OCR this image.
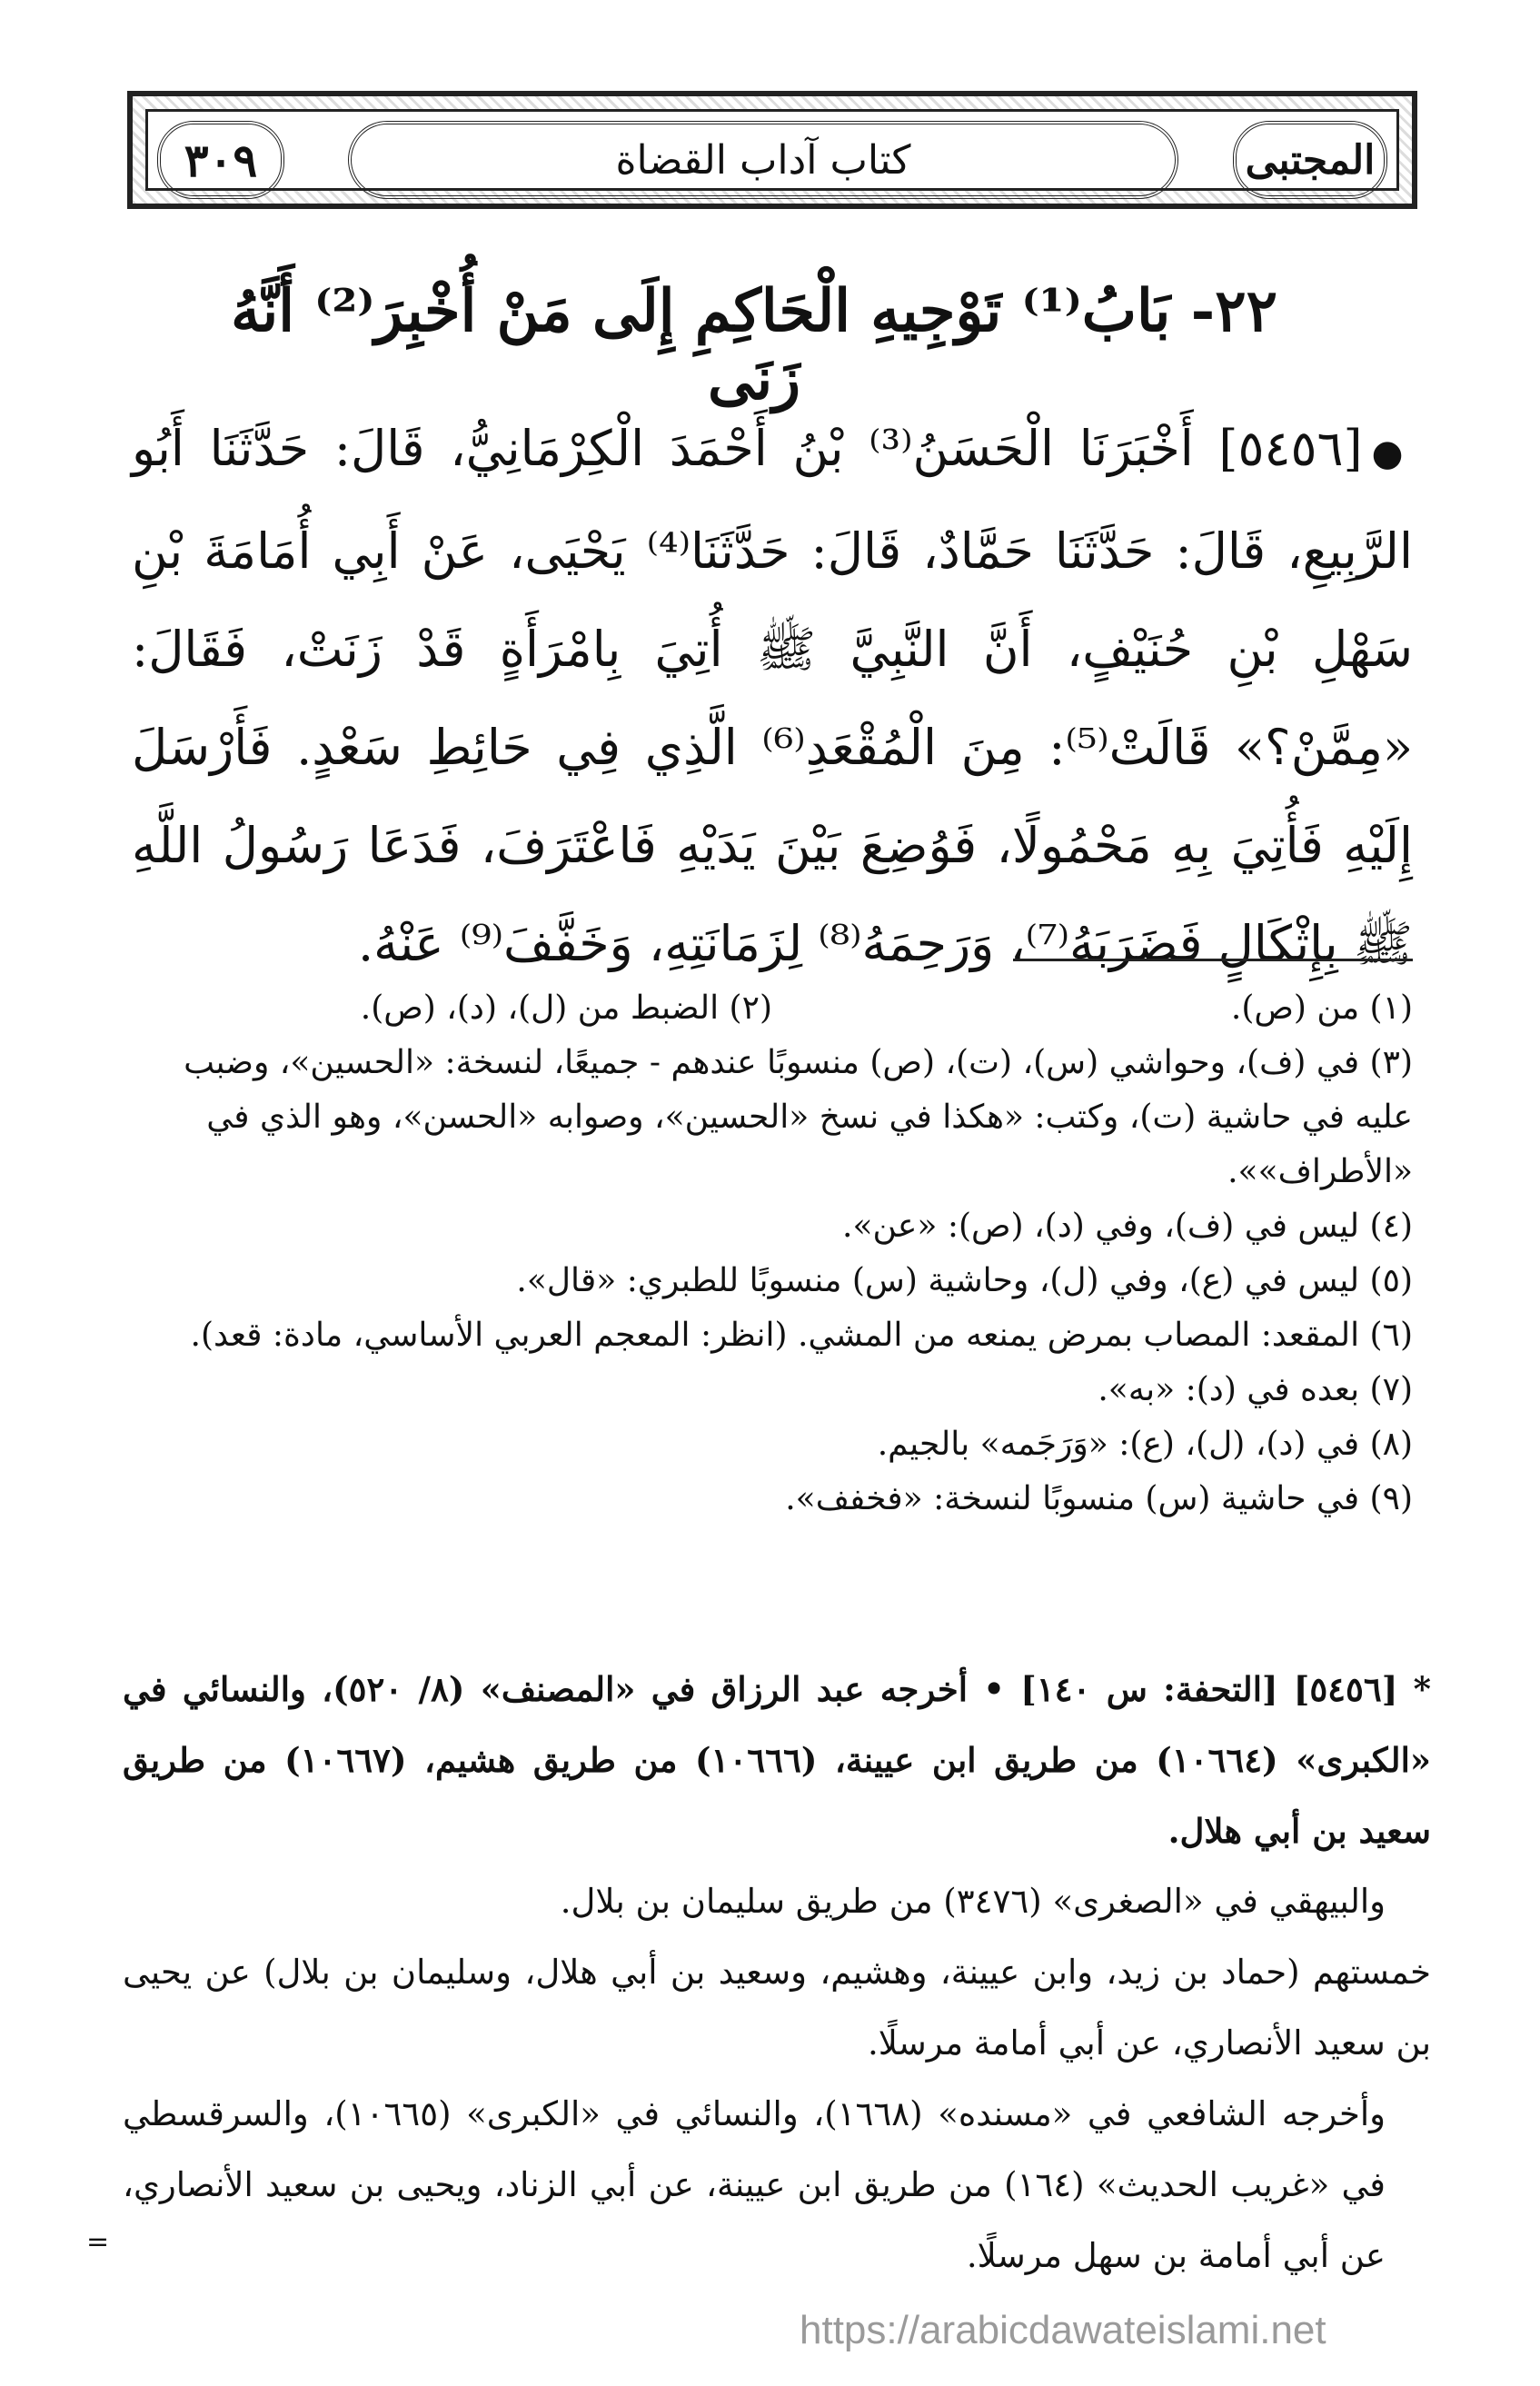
٣٠٩	كتاب آداب القضاة	المجتبى
٢٢- بَابُ⁽¹⁾ تَوْجِيهِ الْحَاكِمِ إِلَى مَنْ أُخْبِرَ⁽²⁾ أَنَّهُ زَنَى
●[٥٤٥٦] أَخْبَرَنَا الْحَسَنُ⁽³⁾ بْنُ أَحْمَدَ الْكِرْمَانِيُّ، قَالَ: حَدَّثَنَا أَبُو الرَّبِيعِ، قَالَ: حَدَّثَنَا حَمَّادٌ، قَالَ: حَدَّثَنَا⁽⁴⁾ يَحْيَى، عَنْ أَبِي أُمَامَةَ بْنِ سَهْلِ بْنِ حُنَيْفٍ، أَنَّ النَّبِيَّ ﷺ أُتِيَ بِامْرَأَةٍ قَدْ زَنَتْ، فَقَالَ: «مِمَّنْ؟» قَالَتْ⁽⁵⁾: مِنَ الْمُقْعَدِ⁽⁶⁾ الَّذِي فِي حَائِطِ سَعْدٍ. فَأَرْسَلَ إِلَيْهِ فَأُتِيَ بِهِ مَحْمُولًا، فَوُضِعَ بَيْنَ يَدَيْهِ فَاعْتَرَفَ، فَدَعَا رَسُولُ اللَّهِ ﷺ بِإِثْكَالٍ فَضَرَبَهُ⁽⁷⁾، وَرَحِمَهُ⁽⁸⁾ لِزَمَانَتِهِ، وَخَفَّفَ⁽⁹⁾ عَنْهُ.
(١) من (ص).
(٢) الضبط من (ل)، (د)، (ص).
(٣) في (ف)، وحواشي (س)، (ت)، (ص) منسوبًا عندهم - جميعًا، لنسخة: «الحسين»، وضبب عليه في حاشية (ت)، وكتب: «هكذا في نسخ «الحسين»، وصوابه «الحسن»، وهو الذي في «الأطراف»».
(٤) ليس في (ف)، وفي (د)، (ص): «عن».
(٥) ليس في (ع)، وفي (ل)، وحاشية (س) منسوبًا للطبري: «قال».
(٦) المقعد: المصاب بمرض يمنعه من المشي. (انظر: المعجم العربي الأساسي، مادة: قعد).
(٧) بعده في (د): «به».
(٨) في (د)، (ل)، (ع): «وَرَجَمه» بالجيم.
(٩) في حاشية (س) منسوبًا لنسخة: «فخفف».

* [٥٤٥٦] [التحفة: س ١٤٠] • أخرجه عبد الرزاق في «المصنف» (٨/ ٥٢٠)، والنسائي في «الكبرى» (١٠٦٦٤) من طريق ابن عيينة، (١٠٦٦٦) من طريق هشيم، (١٠٦٦٧) من طريق سعيد بن أبي هلال.

والبيهقي في «الصغرى» (٣٤٧٦) من طريق سليمان بن بلال.

خمستهم (حماد بن زيد، وابن عيينة، وهشيم، وسعيد بن أبي هلال، وسليمان بن بلال) عن يحيى بن سعيد الأنصاري، عن أبي أمامة مرسلًا.

وأخرجه الشافعي في «مسنده» (١٦٦٨)، والنسائي في «الكبرى» (١٠٦٦٥)، والسرقسطي في «غريب الحديث» (١٦٤) من طريق ابن عيينة، عن أبي الزناد، ويحيى بن سعيد الأنصاري، عن أبي أمامة بن سهل مرسلًا.

=
https://arabicdawateislami.net
